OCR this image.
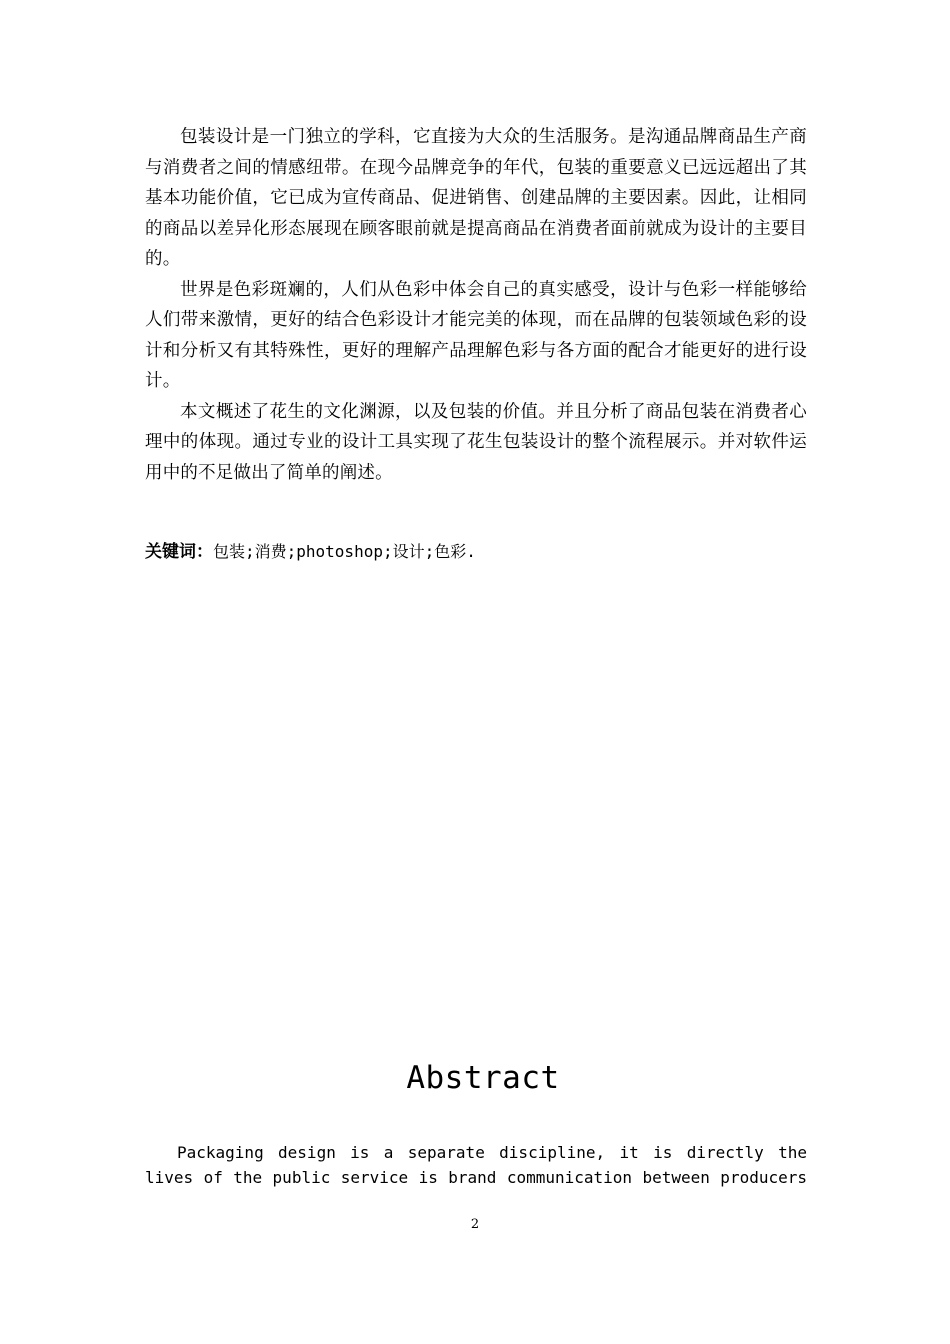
包装设计是一门独立的学科，它直接为大众的生活服务。是沟通品牌商品生产商与消费者之间的情感纽带。在现今品牌竞争的年代，包装的重要意义已远远超出了其基本功能价值，它已成为宣传商品、促进销售、创建品牌的主要因素。因此，让相同的商品以差异化形态展现在顾客眼前就是提高商品在消费者面前就成为设计的主要目的。

世界是色彩斑斓的，人们从色彩中体会自己的真实感受，设计与色彩一样能够给人们带来激情，更好的结合色彩设计才能完美的体现，而在品牌的包装领域色彩的设计和分析又有其特殊性，更好的理解产品理解色彩与各方面的配合才能更好的进行设计。

本文概述了花生的文化渊源，以及包装的价值。并且分析了商品包装在消费者心理中的体现。通过专业的设计工具实现了花生包装设计的整个流程展示。并对软件运用中的不足做出了简单的阐述。

关键词：包装;消费;photoshop;设计;色彩.
Abstract
Packaging design is a separate discipline, it is directly the
lives of the public service is brand communication between producers
2
